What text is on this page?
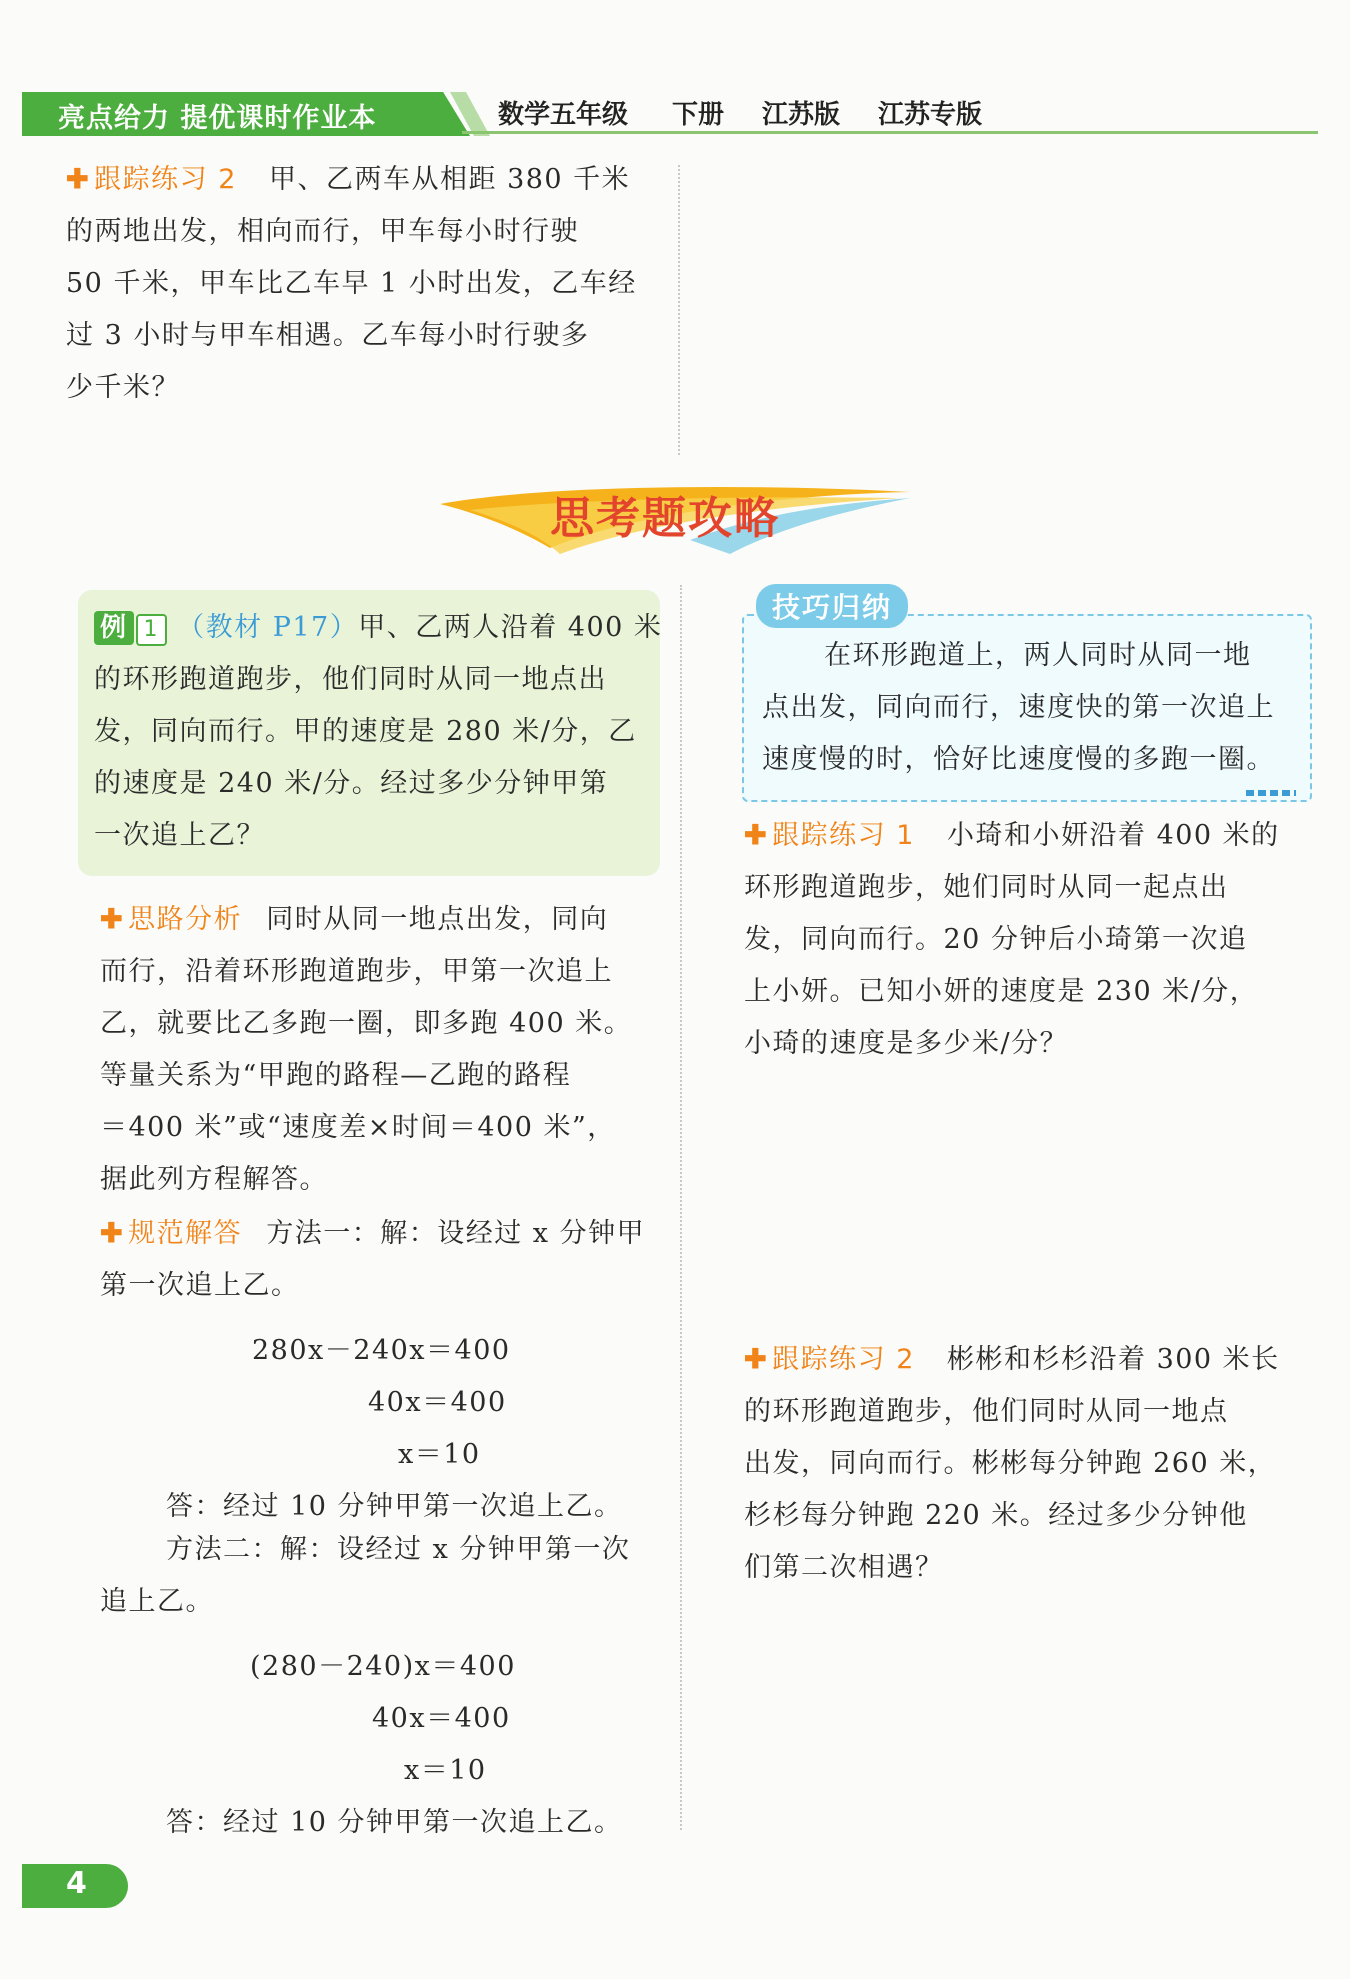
亮点给力 提优课时作业本	数学五年级 下册 江苏版 江苏专版
✚ 跟踪练习 2 甲、乙两车从相距 380 千米
的两地出发，相向而行，甲车每小时行驶
50 千米，甲车比乙车早 1 小时出发，乙车经
过 3 小时与甲车相遇。乙车每小时行驶多
少千米？
思考题攻略
例 1 （教材 P17）甲、乙两人沿着 400 米
的环形跑道跑步，他们同时从同一地点出
发，同向而行。甲的速度是 280 米/分，乙
的速度是 240 米/分。经过多少分钟甲第
一次追上乙？
✚ 思路分析 同时从同一地点出发，同向
而行，沿着环形跑道跑步，甲第一次追上
乙，就要比乙多跑一圈，即多跑 400 米。
等量关系为“甲跑的路程—乙跑的路程
＝400 米”或“速度差×时间＝400 米”，
据此列方程解答。
✚ 规范解答 方法一：解：设经过 x 分钟甲
第一次追上乙。
280x－240x＝400
40x＝400
x＝10
答：经过 10 分钟甲第一次追上乙。
方法二：解：设经过 x 分钟甲第一次
追上乙。
(280－240)x＝400
40x＝400
x＝10
答：经过 10 分钟甲第一次追上乙。
技巧归纳
在环形跑道上，两人同时从同一地
点出发，同向而行，速度快的第一次追上
速度慢的时，恰好比速度慢的多跑一圈。
✚ 跟踪练习 1 小琦和小妍沿着 400 米的
环形跑道跑步，她们同时从同一起点出
发，同向而行。20 分钟后小琦第一次追
上小妍。已知小妍的速度是 230 米/分，
小琦的速度是多少米/分？
✚ 跟踪练习 2 彬彬和杉杉沿着 300 米长
的环形跑道跑步，他们同时从同一地点
出发，同向而行。彬彬每分钟跑 260 米，
杉杉每分钟跑 220 米。经过多少分钟他
们第二次相遇？
4
